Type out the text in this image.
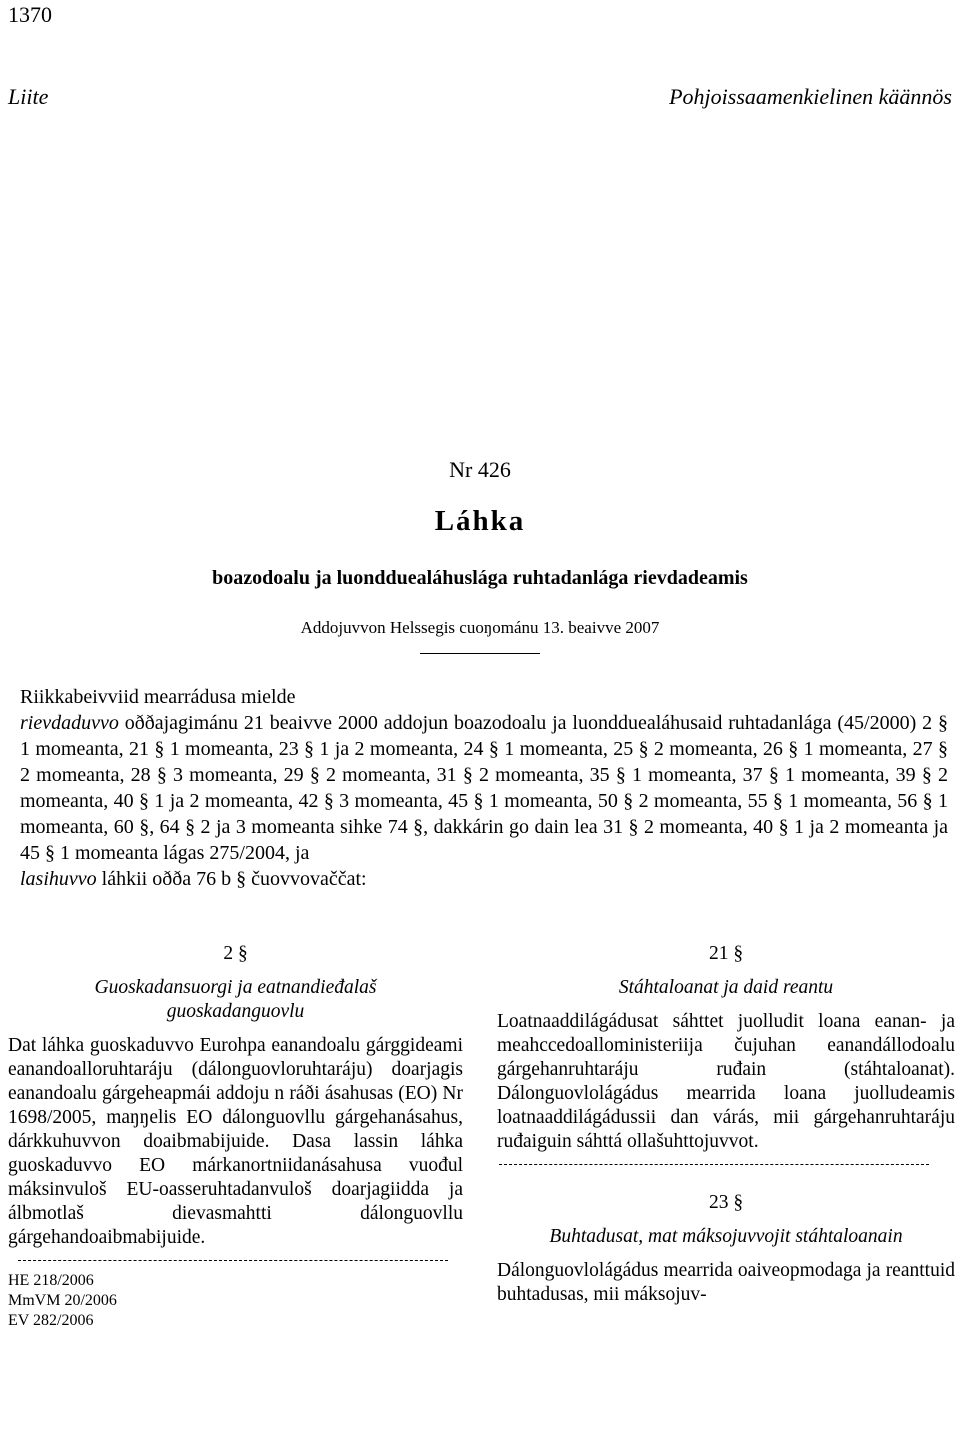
1370
Liite	Pohjoissaamenkielinen käännös
Nr 426
Láhka
boazodoalu ja luondduealáhuslága ruhtadanlága rievdadeamis
Addojuvvon Helssegis cuoŋománu 13. beaivve 2007

Riikkabeivviid mearrádusa mielde

rievdaduvvo oððajagimánu 21 beaivve 2000 addojun boazodoalu ja luondduealáhusaid ruhtadanlága (45/2000) 2 § 1 momeanta, 21 § 1 momeanta, 23 § 1 ja 2 momeanta, 24 § 1 momeanta, 25 § 2 momeanta, 26 § 1 momeanta, 27 § 2 momeanta, 28 § 3 momeanta, 29 § 2 momeanta, 31 § 2 momeanta, 35 § 1 momeanta, 37 § 1 momeanta, 39 § 2 momeanta, 40 § 1 ja 2 momeanta, 42 § 3 momeanta, 45 § 1 momeanta, 50 § 2 momeanta, 55 § 1 momeanta, 56 § 1 momeanta, 60 §, 64 § 2 ja 3 momeanta sihke 74 §, dakkárin go dain lea 31 § 2 momeanta, 40 § 1 ja 2 momeanta ja 45 § 1 momeanta lágas 275/2004, ja

lasihuvvo láhkii oðða 76 b § čuovvovaččat:

2 §
Guoskadansuorgi ja eatnandieđalaš guoskadanguovlu

Dat láhka guoskaduvvo Eurohpa eanandoalu gárggideami eanandoalloruhtaráju (dálonguovloruhtaráju) doarjagis eanandoalu gárgeheapmái addoju n ráði ásahusas (EO) Nr 1698/2005, maŋŋelis EO dálonguovllu gárgehanásahus, dárkkuhuvvon doaibmabijuide. Dasa lassin láhka guoskaduvvo EO márkanortniidanásahusa vuođul máksinvuloš EU-oasseruhtadanvuloš doarjagiidda ja álbmotlaš dievasmahtti dálonguovllu gárgehandoaibmabijuide.

HE 218/2006
MmVM 20/2006
EV 282/2006
21 §
Stáhtaloanat ja daid reantu

Loatnaaddilágádusat sáhttet juolludit loana eanan- ja meahccedoalloministeriija čujuhan eanandállodoalu gárgehanruhtaráju ruđain (stáhtaloanat). Dálonguovlolágádus mearrida loana juolludeamis loatnaaddilágádussii dan várás, mii gárgehanruhtaráju ruđaiguin sáhttá ollašuhttojuvvot.

23 §
Buhtadusat, mat máksojuvvojit stáhtaloanain

Dálonguovlolágádus mearrida oaiveopmodaga ja reanttuid buhtadusas, mii máksojuv-
